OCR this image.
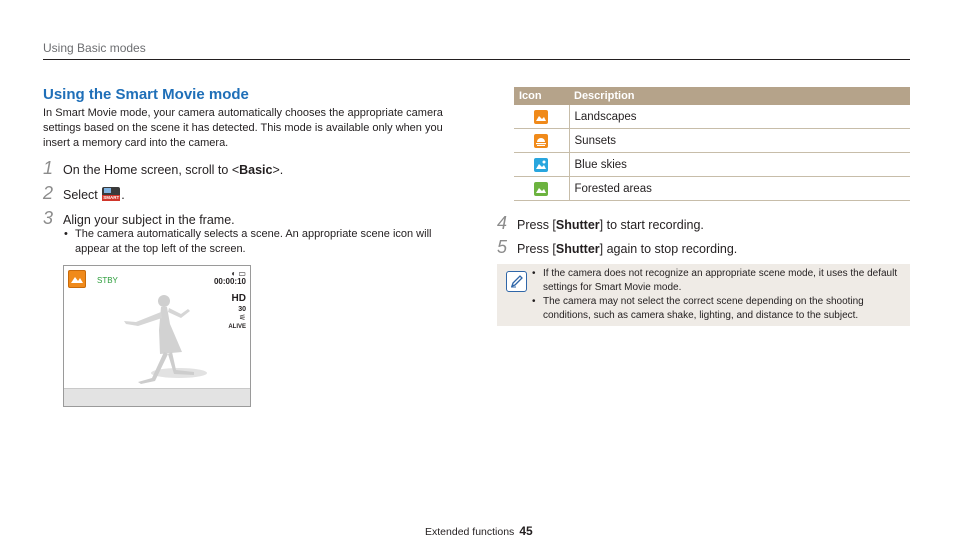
Using Basic modes
Using the Smart Movie mode
In Smart Movie mode, your camera automatically chooses the appropriate camera settings based on the scene it has detected. This mode is available only when you insert a memory card into the camera.
1 On the Home screen, scroll to <Basic>.
2 Select SMART .
3 Align your subject in the frame.
• The camera automatically selects a scene. An appropriate scene icon will appear at the top left of the screen.
STBY
◐ ▭
00:00:10
HD
30
⚟
ALIVE
Icon	Description
	Landscapes
	Sunsets
	Blue skies
	Forested areas
4 Press [Shutter] to start recording.
5 Press [Shutter] again to stop recording.
• If the camera does not recognize an appropriate scene mode, it uses the default settings for Smart Movie mode.
• The camera may not select the correct scene depending on the shooting conditions, such as camera shake, lighting, and distance to the subject.
Extended functions 45
